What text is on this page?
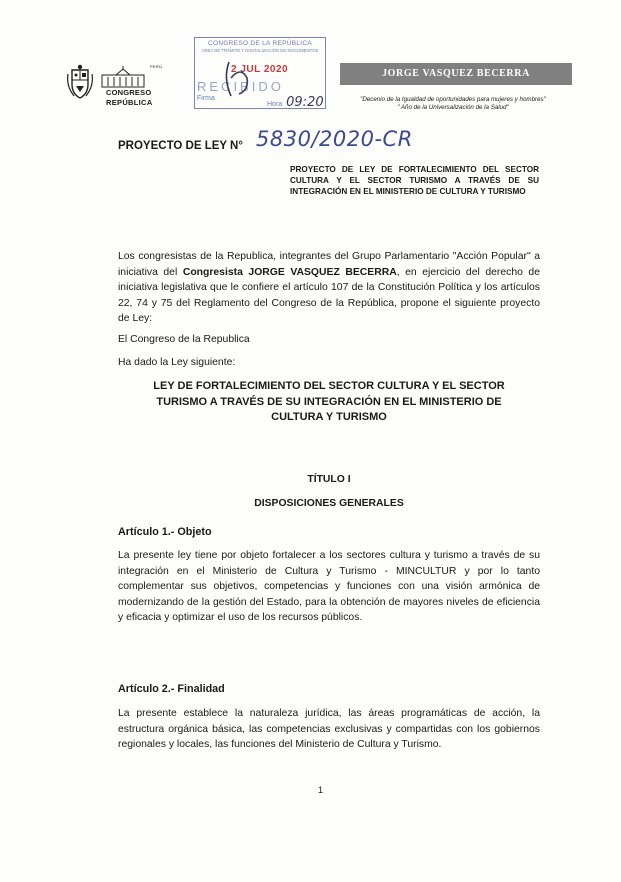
PERÚ
CONGRESO
REPÚBLICA
CONGRESO DE LA REPÚBLICA
ÁREA DE TRÁMITE Y DIGITALIZACIÓN DE DOCUMENTOS
2 JUL 2020
RECIBIDO
Firma
Hora 09:20
JORGE VASQUEZ BECERRA
"Decenio de la Igualdad de oportunidades para mujeres y hombres"
" Año de la Universalización de la Salud"
PROYECTO DE LEY N° 5830/2020-CR
PROYECTO DE LEY DE FORTALECIMIENTO DEL SECTOR CULTURA Y EL SECTOR TURISMO A TRAVÉS DE SU INTEGRACIÓN EN EL MINISTERIO DE CULTURA Y TURISMO
Los congresistas de la Republica, integrantes del Grupo Parlamentario "Acción Popular" a iniciativa del Congresista JORGE VASQUEZ BECERRA, en ejercicio del derecho de iniciativa legislativa que le confiere el artículo 107 de la Constitución Política y los artículos 22, 74 y 75 del Reglamento del Congreso de la República, propone el siguiente proyecto de Ley:
El Congreso de la Republica
Ha dado la Ley siguiente:
LEY DE FORTALECIMIENTO DEL SECTOR CULTURA Y EL SECTOR TURISMO A TRAVÉS DE SU INTEGRACIÓN EN EL MINISTERIO DE CULTURA Y TURISMO
TÍTULO I
DISPOSICIONES GENERALES
Artículo 1.- Objeto
La presente ley tiene por objeto fortalecer a los sectores cultura y turismo a través de su integración en el Ministerio de Cultura y Turismo - MINCULTUR y por lo tanto complementar sus objetivos, competencias y funciones con una visión armónica de modernizando de la gestión del Estado, para la obtención de mayores niveles de eficiencia y eficacia y optimizar el uso de los recursos públicos.
Artículo 2.- Finalidad
La presente establece la naturaleza jurídica, las áreas programáticas de acción, la estructura orgánica básica, las competencias exclusivas y compartidas con los gobiernos regionales y locales, las funciones del Ministerio de Cultura y Turismo.
1
